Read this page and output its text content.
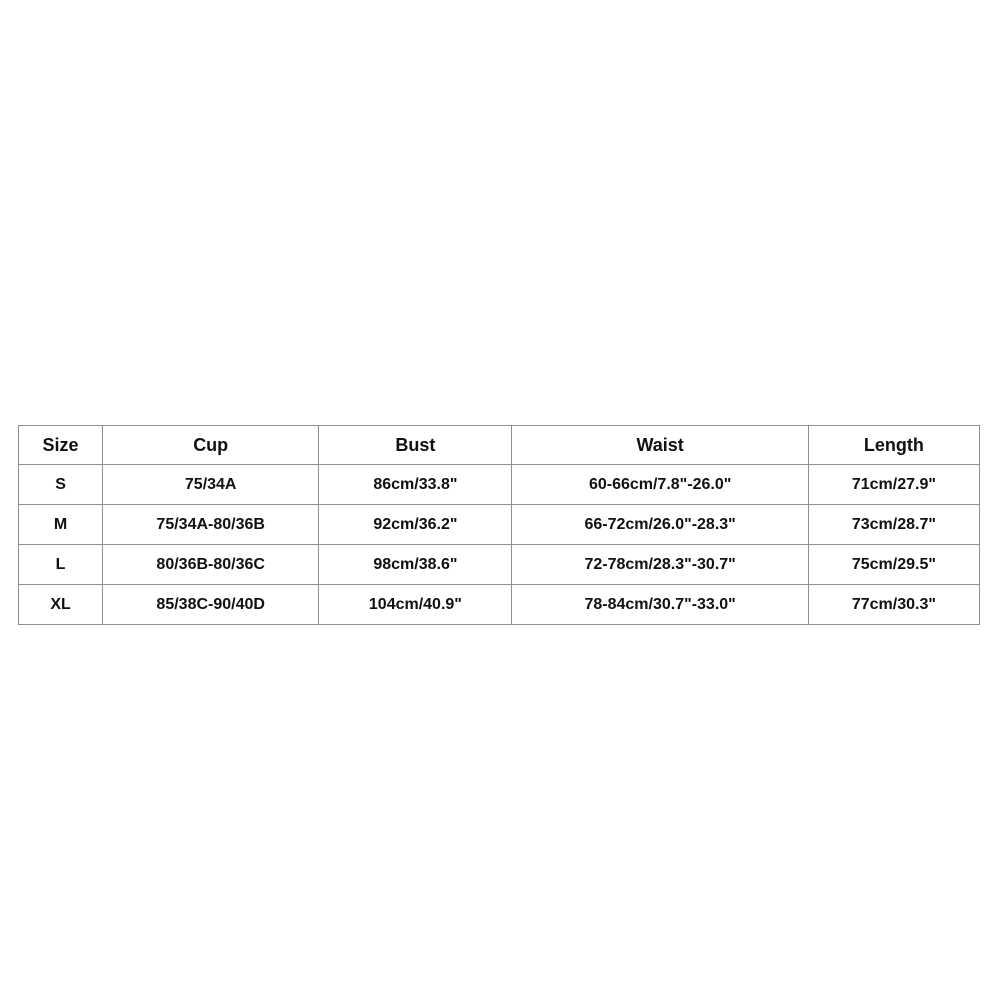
Size	Cup	Bust	Waist	Length
S	75/34A	86cm/33.8"	60-66cm/7.8"-26.0"	71cm/27.9"
M	75/34A-80/36B	92cm/36.2"	66-72cm/26.0"-28.3"	73cm/28.7"
L	80/36B-80/36C	98cm/38.6"	72-78cm/28.3"-30.7"	75cm/29.5"
XL	85/38C-90/40D	104cm/40.9"	78-84cm/30.7"-33.0"	77cm/30.3"
